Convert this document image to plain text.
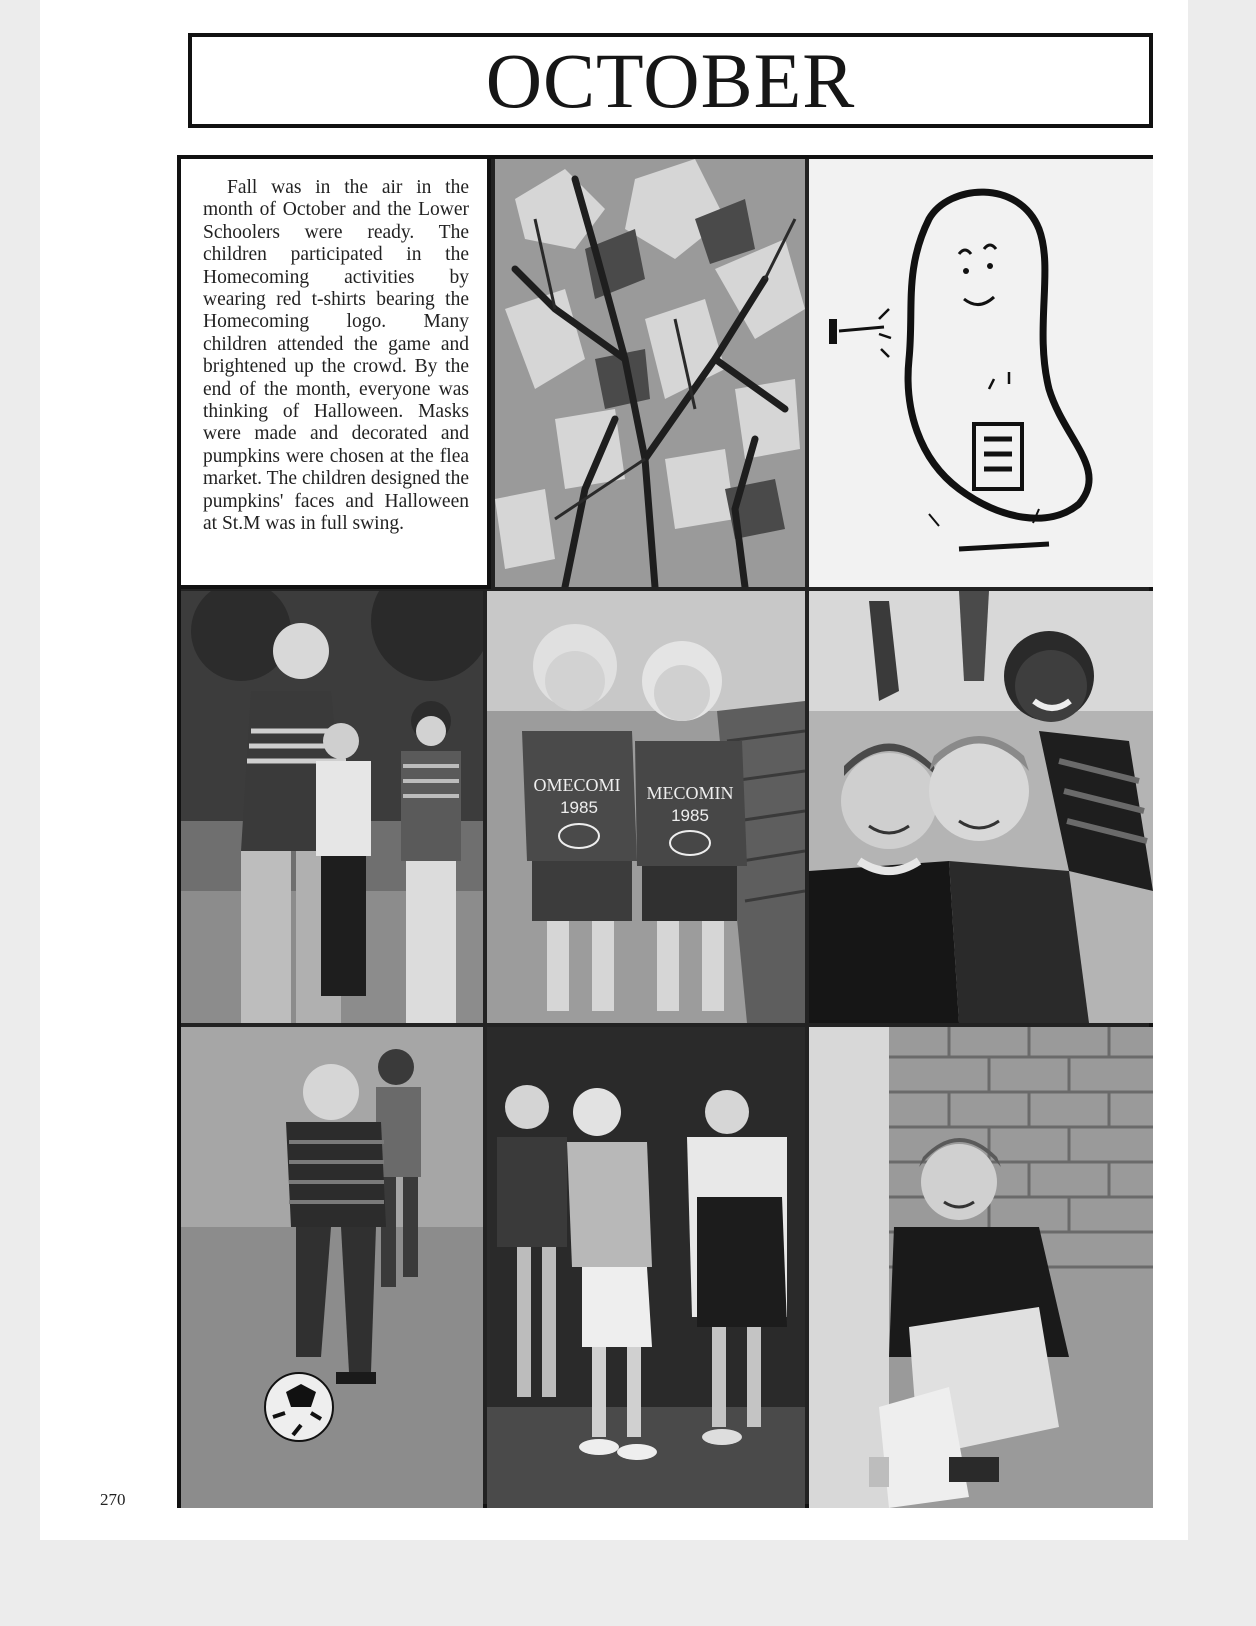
OCTOBER

Fall was in the air in the month of October and the Lower Schoolers were ready. The children participated in the Homecoming activities by wearing red t-shirts bearing the Homecoming logo. Many children attended the game and brightened up the crowd. By the end of the month, everyone was thinking of Halloween. Masks were made and decorated and pumpkins were chosen at the flea market. The children designed the pumpkins' faces and Halloween at St.M was in full swing.

OMECOMI
1985
MECOMIN
1985
270
